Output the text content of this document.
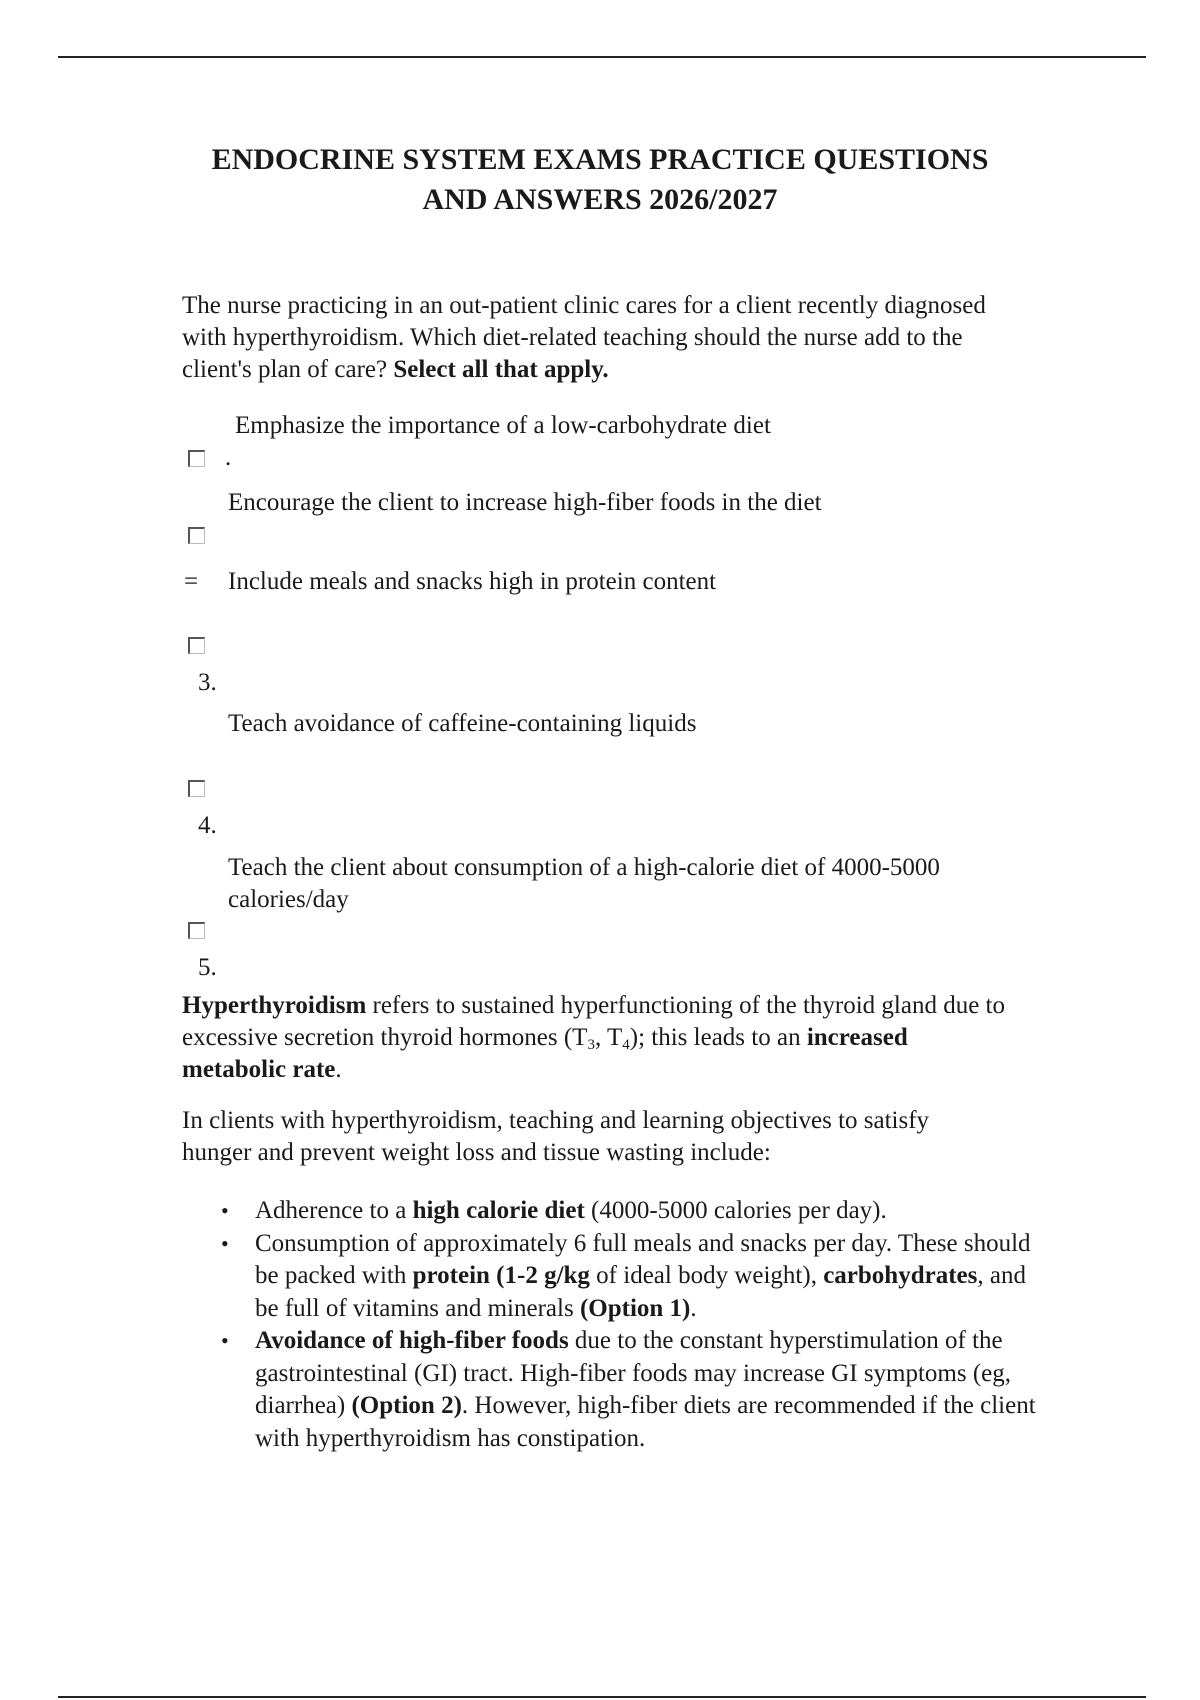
ENDOCRINE SYSTEM EXAMS PRACTICE QUESTIONS
AND ANSWERS 2026/2027

The nurse practicing in an out-patient clinic cares for a client recently diagnosed with hyperthyroidism. Which diet-related teaching should the nurse add to the client's plan of care? Select all that apply.

Emphasize the importance of a low-carbohydrate diet
.
Encourage the client to increase high-fiber foods in the diet
= Include meals and snacks high in protein content
3.
Teach avoidance of caffeine-containing liquids
4.
Teach the client about consumption of a high-calorie diet of 4000-5000 calories/day
5.

Hyperthyroidism refers to sustained hyperfunctioning of the thyroid gland due to excessive secretion thyroid hormones ($T_3$, $T_4$); this leads to an increased metabolic rate.

In clients with hyperthyroidism, teaching and learning objectives to satisfy hunger and prevent weight loss and tissue wasting include:

• Adherence to a high calorie diet (4000-5000 calories per day).
• Consumption of approximately 6 full meals and snacks per day. These should be packed with protein (1-2 g/kg of ideal body weight), carbohydrates, and be full of vitamins and minerals (Option 1).
• Avoidance of high-fiber foods due to the constant hyperstimulation of the gastrointestinal (GI) tract. High-fiber foods may increase GI symptoms (eg, diarrhea) (Option 2). However, high-fiber diets are recommended if the client with hyperthyroidism has constipation.
